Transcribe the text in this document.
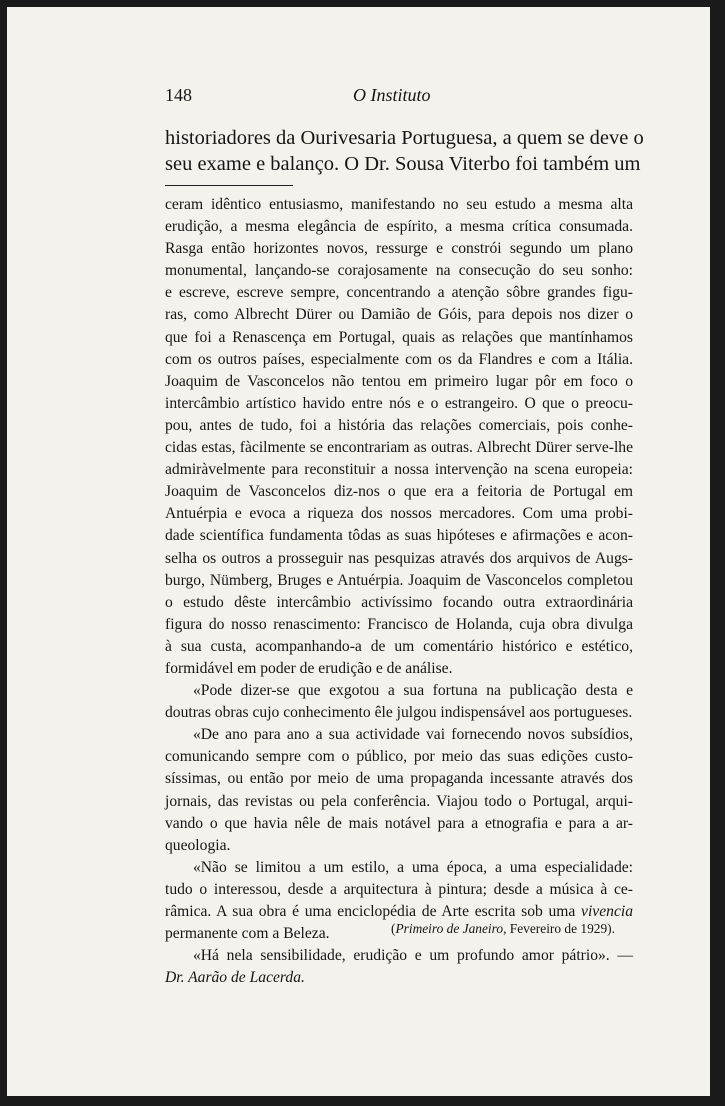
148	O Instituto
historiadores da Ourivesaria Portuguesa, a quem se deve o
seu exame e balanço. O Dr. Sousa Viterbo foi também um

ceram idêntico entusiasmo, manifestando no seu estudo a mesma alta
erudição, a mesma elegância de espírito, a mesma crítica consumada.
Rasga então horizontes novos, ressurge e constrói segundo um plano
monumental, lançando-se corajosamente na consecução do seu sonho:
e escreve, escreve sempre, concentrando a atenção sôbre grandes figu-
ras, como Albrecht Dürer ou Damião de Góis, para depois nos dizer o
que foi a Renascença em Portugal, quais as relações que mantínhamos
com os outros países, especialmente com os da Flandres e com a Itália.
Joaquim de Vasconcelos não tentou em primeiro lugar pôr em foco o
intercâmbio artístico havido entre nós e o estrangeiro. O que o preocu-
pou, antes de tudo, foi a história das relações comerciais, pois conhe-
cidas estas, fàcilmente se encontrariam as outras. Albrecht Dürer serve-lhe
admiràvelmente para reconstituir a nossa intervenção na scena europeia:
Joaquim de Vasconcelos diz-nos o que era a feitoria de Portugal em
Antuérpia e evoca a riqueza dos nossos mercadores. Com uma probi-
dade scientífica fundamenta tôdas as suas hipóteses e afirmações e acon-
selha os outros a prosseguir nas pesquizas através dos arquivos de Augs-
burgo, Nümberg, Bruges e Antuérpia. Joaquim de Vasconcelos completou
o estudo dêste intercâmbio activíssimo focando outra extraordinária
figura do nosso renascimento: Francisco de Holanda, cuja obra divulga
à sua custa, acompanhando-a de um comentário histórico e estético,
formidável em poder de erudição e de análise.

«Pode dizer-se que exgotou a sua fortuna na publicação desta e
doutras obras cujo conhecimento êle julgou indispensável aos portugueses.

«De ano para ano a sua actividade vai fornecendo novos subsídios,
comunicando sempre com o público, por meio das suas edições custo-
síssimas, ou então por meio de uma propaganda incessante através dos
jornais, das revistas ou pela conferência. Viajou todo o Portugal, arqui-
vando o que havia nêle de mais notável para a etnografia e para a ar-
queologia.

«Não se limitou a um estilo, a uma época, a uma especialidade:
tudo o interessou, desde a arquitectura à pintura; desde a música à ce-
râmica. A sua obra é uma enciclopédia de Arte escrita sob uma vivencia
permanente com a Beleza.

«Há nela sensibilidade, erudição e um profundo amor pátrio». —
Dr. Aarão de Lacerda.

(Primeiro de Janeiro, Fevereiro de 1929).
